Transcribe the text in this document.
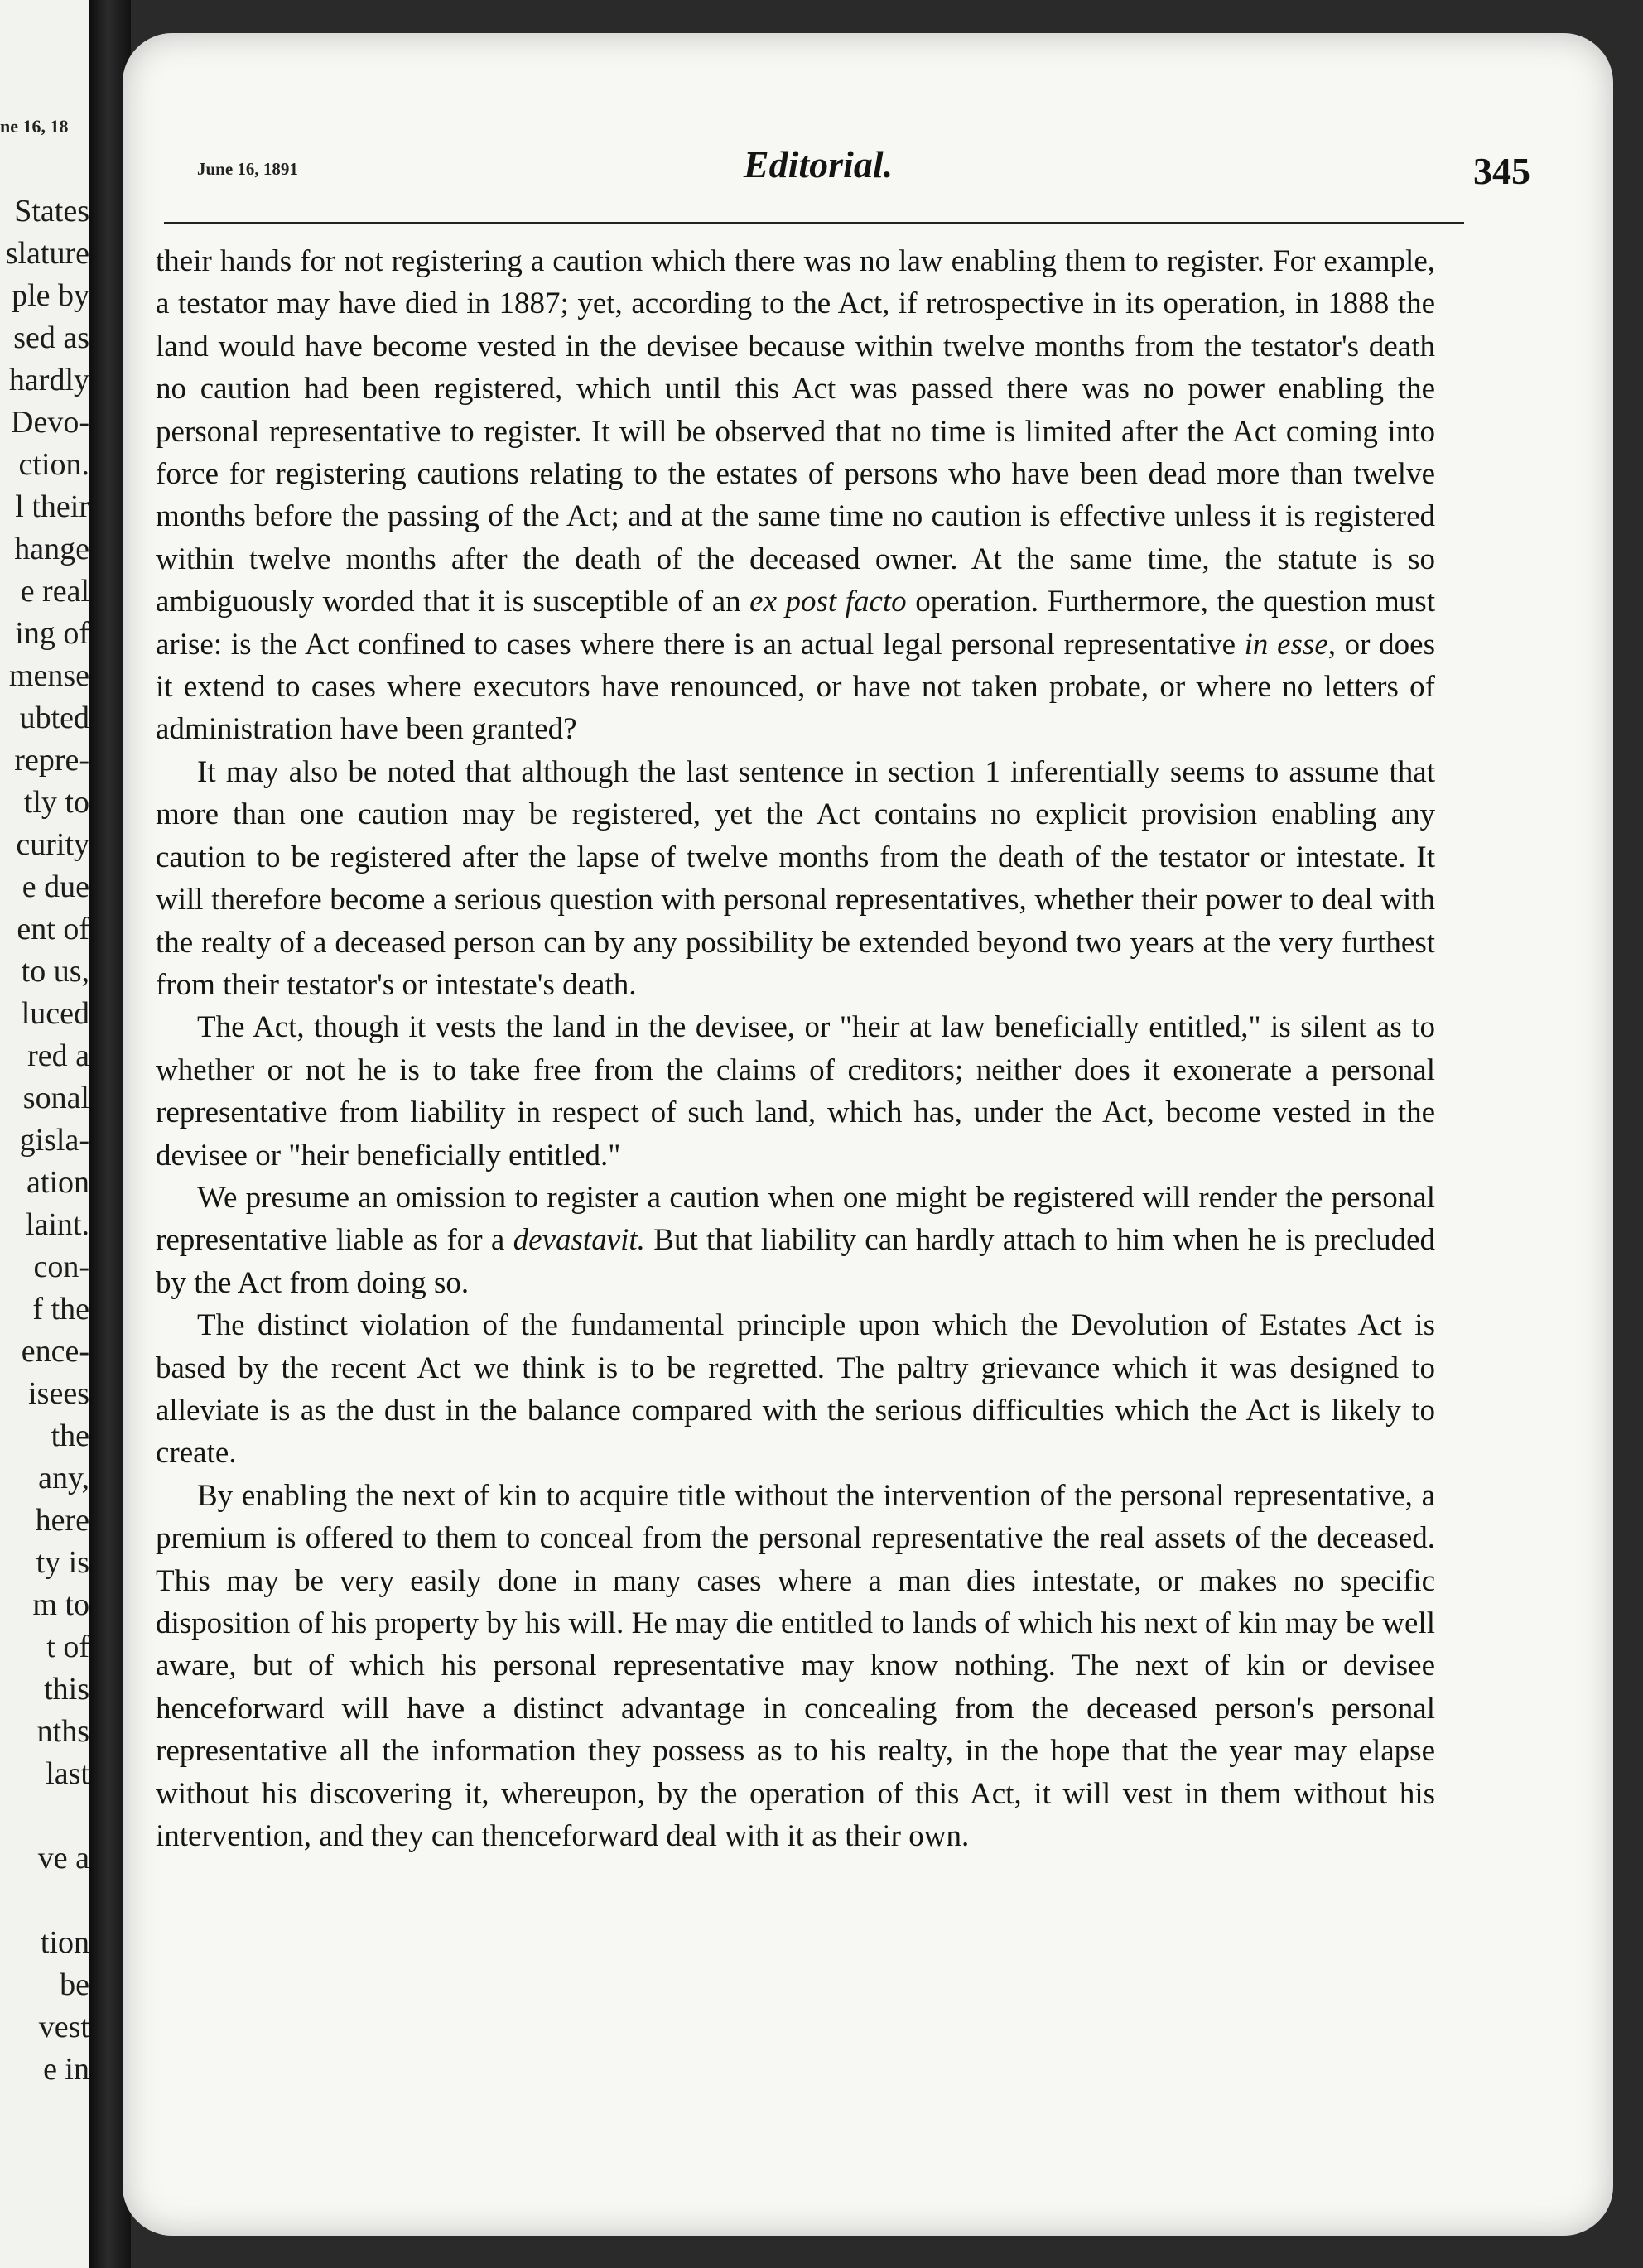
ne 16, 18
States
slature
ple by
sed as
hardly
Devo-
ction.
l their
hange
e real
ing of
mense
ubted
repre-
tly to
curity
e due
ent of
to us,
luced
red a
sonal
gisla-
ation
laint.
con-
f the
ence-
isees
the
any,
here
ty is
m to
t of
this
nths
last

ve a

tion
be
vest
e in
June 16, 1891	Editorial.	345

their hands for not registering a caution which there was no law enabling them to register. For example, a testator may have died in 1887; yet, according to the Act, if retrospective in its operation, in 1888 the land would have become vested in the devisee because within twelve months from the testator's death no caution had been registered, which until this Act was passed there was no power enabling the personal representative to register. It will be observed that no time is limited after the Act coming into force for registering cautions relating to the estates of persons who have been dead more than twelve months before the passing of the Act; and at the same time no caution is effective unless it is registered within twelve months after the death of the deceased owner. At the same time, the statute is so ambiguously worded that it is susceptible of an ex post facto operation. Furthermore, the question must arise: is the Act confined to cases where there is an actual legal personal representative in esse, or does it extend to cases where executors have renounced, or have not taken probate, or where no letters of administration have been granted?

It may also be noted that although the last sentence in section 1 inferentially seems to assume that more than one caution may be registered, yet the Act contains no explicit provision enabling any caution to be registered after the lapse of twelve months from the death of the testator or intestate. It will therefore become a serious question with personal representatives, whether their power to deal with the realty of a deceased person can by any possibility be extended beyond two years at the very furthest from their testator's or intestate's death.

The Act, though it vests the land in the devisee, or "heir at law beneficially entitled," is silent as to whether or not he is to take free from the claims of creditors; neither does it exonerate a personal representative from liability in respect of such land, which has, under the Act, become vested in the devisee or "heir beneficially entitled."

We presume an omission to register a caution when one might be registered will render the personal representative liable as for a devastavit. But that liability can hardly attach to him when he is precluded by the Act from doing so.

The distinct violation of the fundamental principle upon which the Devolution of Estates Act is based by the recent Act we think is to be regretted. The paltry grievance which it was designed to alleviate is as the dust in the balance compared with the serious difficulties which the Act is likely to create.

By enabling the next of kin to acquire title without the intervention of the personal representative, a premium is offered to them to conceal from the personal representative the real assets of the deceased. This may be very easily done in many cases where a man dies intestate, or makes no specific disposition of his property by his will. He may die entitled to lands of which his next of kin may be well aware, but of which his personal representative may know nothing. The next of kin or devisee henceforward will have a distinct advantage in concealing from the deceased person's personal representative all the information they possess as to his realty, in the hope that the year may elapse without his discovering it, whereupon, by the operation of this Act, it will vest in them without his intervention, and they can thenceforward deal with it as their own.
